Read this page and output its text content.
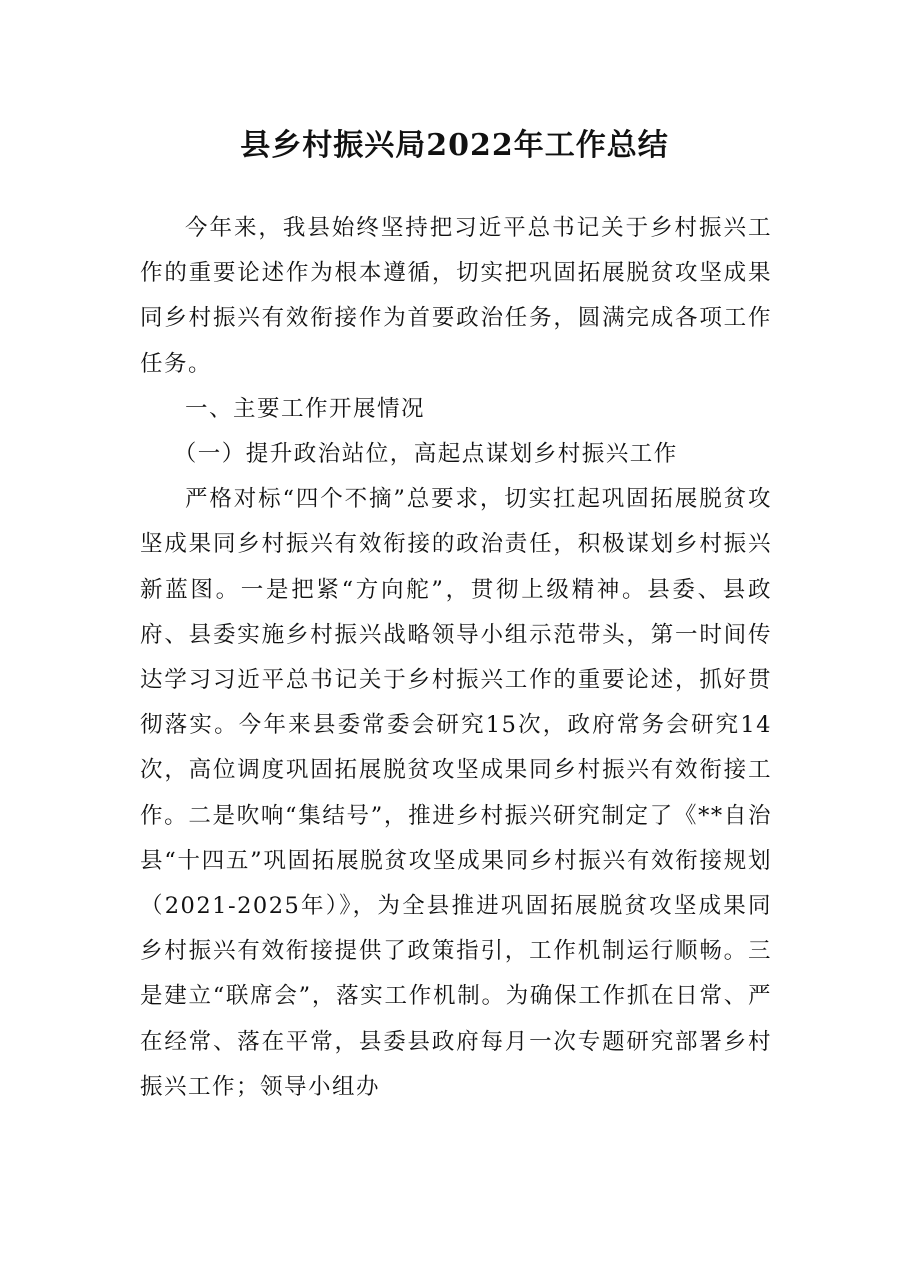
县乡村振兴局2022年工作总结

今年来，我县始终坚持把习近平总书记关于乡村振兴工作的重要论述作为根本遵循，切实把巩固拓展脱贫攻坚成果同乡村振兴有效衔接作为首要政治任务，圆满完成各项工作任务。

一、主要工作开展情况

（一）提升政治站位，高起点谋划乡村振兴工作

严格对标“四个不摘”总要求，切实扛起巩固拓展脱贫攻坚成果同乡村振兴有效衔接的政治责任，积极谋划乡村振兴新蓝图。一是把紧“方向舵”，贯彻上级精神。县委、县政府、县委实施乡村振兴战略领导小组示范带头，第一时间传达学习习近平总书记关于乡村振兴工作的重要论述，抓好贯彻落实。今年来县委常委会研究15次，政府常务会研究14次，高位调度巩固拓展脱贫攻坚成果同乡村振兴有效衔接工作。二是吹响“集结号”，推进乡村振兴研究制定了《**自治县“十四五”巩固拓展脱贫攻坚成果同乡村振兴有效衔接规划（2021-2025年）》，为全县推进巩固拓展脱贫攻坚成果同乡村振兴有效衔接提供了政策指引，工作机制运行顺畅。三是建立“联席会”，落实工作机制。为确保工作抓在日常、严在经常、落在平常，县委县政府每月一次专题研究部署乡村振兴工作；领导小组办
